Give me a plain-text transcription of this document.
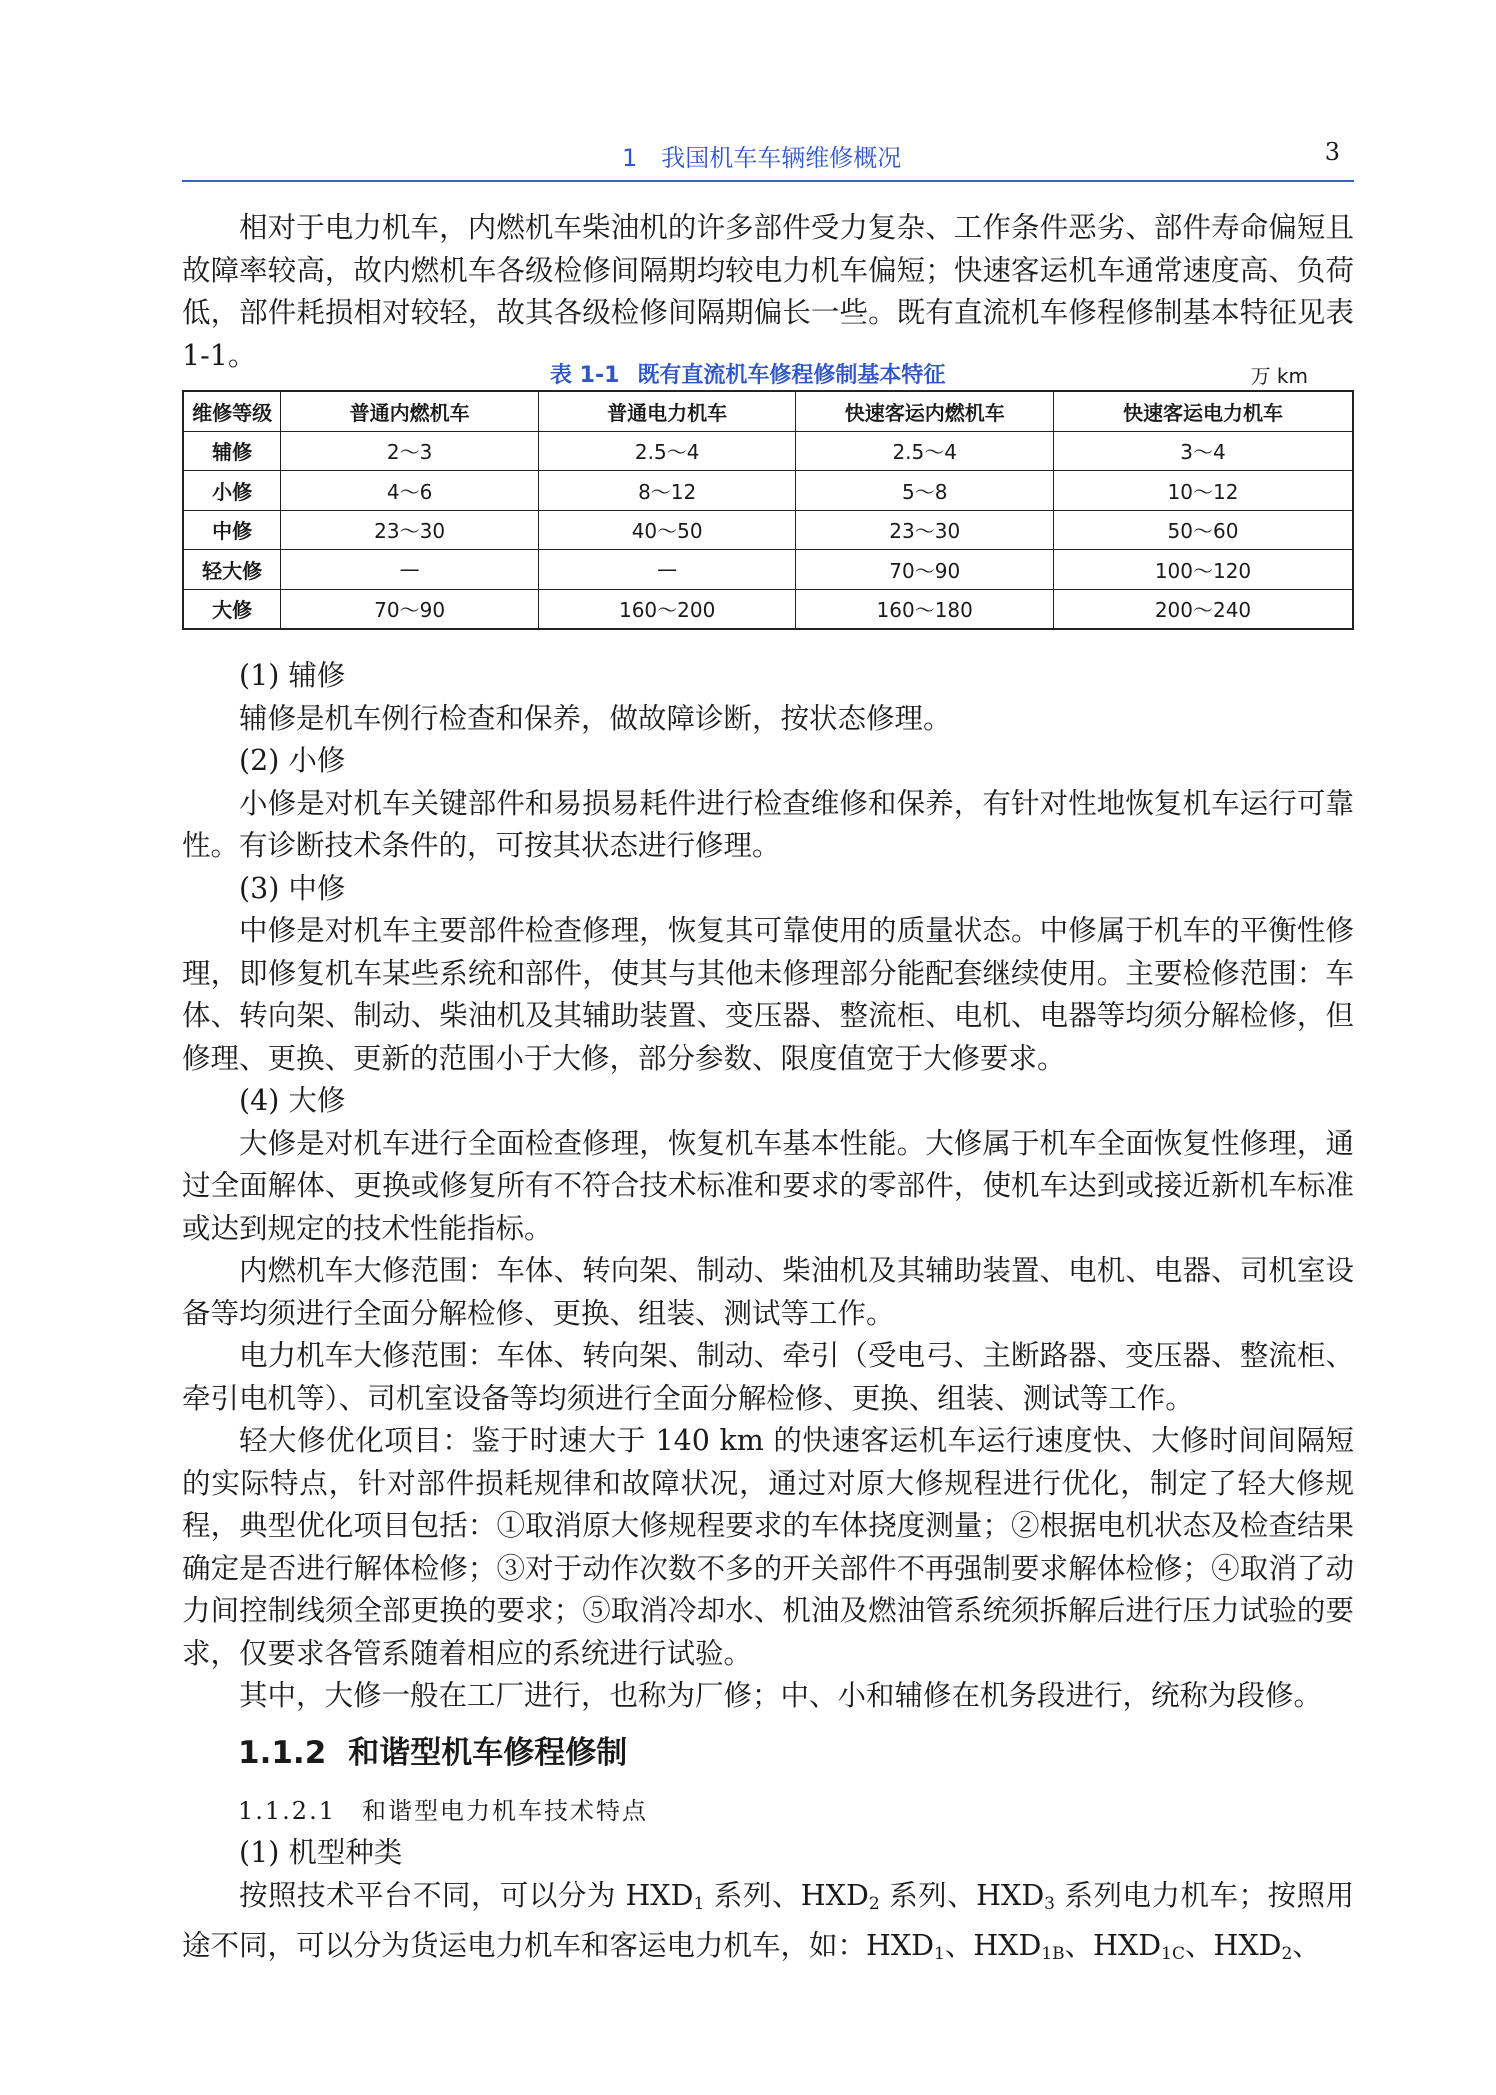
1 我国机车车辆维修概况	3

相对于电力机车，内燃机车柴油机的许多部件受力复杂、工作条件恶劣、部件寿命偏短且故障率较高，故内燃机车各级检修间隔期均较电力机车偏短；快速客运机车通常速度高、负荷低，部件耗损相对较轻，故其各级检修间隔期偏长一些。既有直流机车修程修制基本特征见表 1-1。

表 1-1 既有直流机车修程修制基本特征	万 km
维修等级	普通内燃机车	普通电力机车	快速客运内燃机车	快速客运电力机车
辅修	2～3	2.5～4	2.5～4	3～4
小修	4～6	8～12	5～8	10～12
中修	23～30	40～50	23～30	50～60
轻大修	—	—	70～90	100～120
大修	70～90	160～200	160～180	200～240

(1) 辅修

辅修是机车例行检查和保养，做故障诊断，按状态修理。

(2) 小修

小修是对机车关键部件和易损易耗件进行检查维修和保养，有针对性地恢复机车运行可靠性。有诊断技术条件的，可按其状态进行修理。

(3) 中修

中修是对机车主要部件检查修理，恢复其可靠使用的质量状态。中修属于机车的平衡性修理，即修复机车某些系统和部件，使其与其他未修理部分能配套继续使用。主要检修范围：车体、转向架、制动、柴油机及其辅助装置、变压器、整流柜、电机、电器等均须分解检修，但修理、更换、更新的范围小于大修，部分参数、限度值宽于大修要求。

(4) 大修

大修是对机车进行全面检查修理，恢复机车基本性能。大修属于机车全面恢复性修理，通过全面解体、更换或修复所有不符合技术标准和要求的零部件，使机车达到或接近新机车标准或达到规定的技术性能指标。

内燃机车大修范围：车体、转向架、制动、柴油机及其辅助装置、电机、电器、司机室设备等均须进行全面分解检修、更换、组装、测试等工作。

电力机车大修范围：车体、转向架、制动、牵引（受电弓、主断路器、变压器、整流柜、牵引电机等）、司机室设备等均须进行全面分解检修、更换、组装、测试等工作。

轻大修优化项目：鉴于时速大于 140 km 的快速客运机车运行速度快、大修时间间隔短的实际特点，针对部件损耗规律和故障状况，通过对原大修规程进行优化，制定了轻大修规程，典型优化项目包括：①取消原大修规程要求的车体挠度测量；②根据电机状态及检查结果确定是否进行解体检修；③对于动作次数不多的开关部件不再强制要求解体检修；④取消了动力间控制线须全部更换的要求；⑤取消冷却水、机油及燃油管系统须拆解后进行压力试验的要求，仅要求各管系随着相应的系统进行试验。

其中，大修一般在工厂进行，也称为厂修；中、小和辅修在机务段进行，统称为段修。

1.1.2 和谐型机车修程修制
1.1.2.1 和谐型电力机车技术特点

(1) 机型种类

按照技术平台不同，可以分为 HXD1 系列、HXD2 系列、HXD3 系列电力机车；按照用途不同，可以分为货运电力机车和客运电力机车，如：HXD1、HXD1B、HXD1C、HXD2、
